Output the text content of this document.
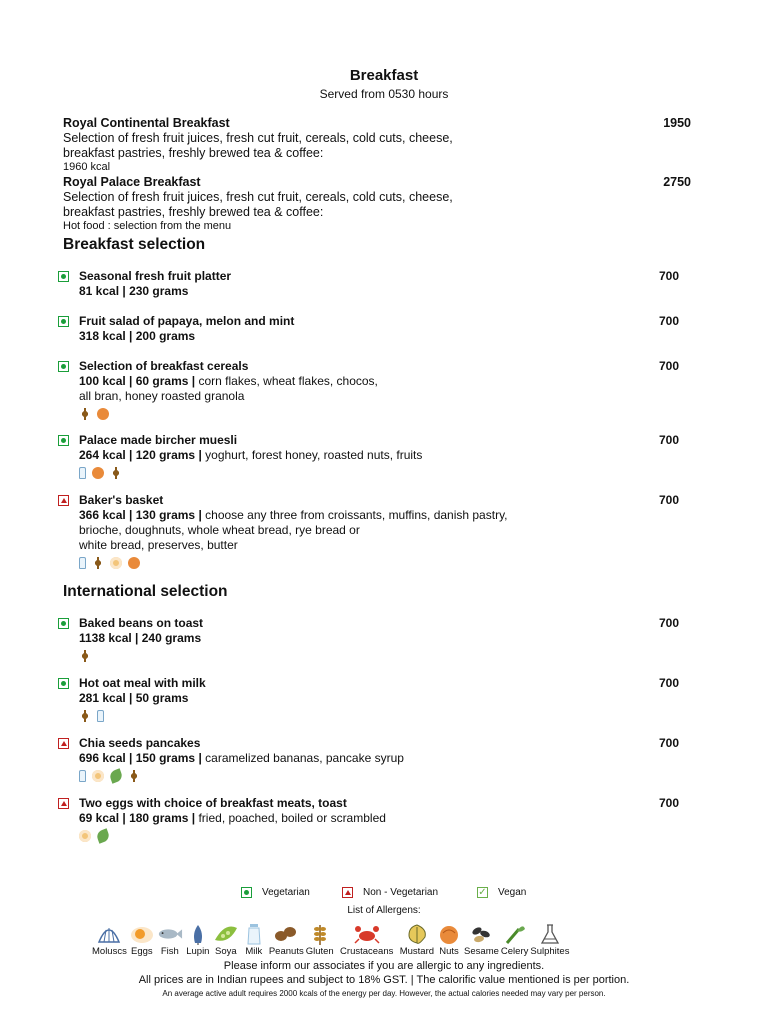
Breakfast
Served from 0530 hours
Royal Continental Breakfast	1950
Selection of fresh fruit juices, fresh cut fruit, cereals, cold cuts, cheese,
breakfast pastries, freshly brewed tea & coffee:
1960 kcal
Royal Palace Breakfast	2750
Selection of fresh fruit juices, fresh cut fruit, cereals, cold cuts, cheese,
breakfast pastries, freshly brewed tea & coffee:
Hot food : selection from the menu
Breakfast selection
Seasonal fresh fruit platter
81 kcal | 230 grams
700
Fruit salad of papaya, melon and mint
318 kcal | 200 grams
700
Selection of breakfast cereals
100 kcal | 60 grams | corn flakes, wheat flakes, chocos,
all bran, honey roasted granola
700
Palace made bircher muesli
264 kcal | 120 grams | yoghurt, forest honey, roasted nuts, fruits
700
Baker's basket
366 kcal | 130 grams | choose any three from croissants, muffins, danish pastry,
brioche, doughnuts, whole wheat bread, rye bread or
white bread, preserves, butter
700
International selection
Baked beans on toast
1138 kcal | 240 grams
700
Hot oat meal with milk
281 kcal | 50 grams
700
Chia seeds pancakes
696 kcal | 150 grams | caramelized bananas, pancake syrup
700
Two eggs with choice of breakfast meats, toast
69 kcal | 180 grams | fried, poached, boiled or scrambled
700
Vegetarian	Non - Vegetarian	✓ Vegan
List of Allergens:
Moluscs Eggs Fish Lupin Soya Milk Peanuts Gluten Crustaceans Mustard Nuts Sesame Celery Sulphites
Please inform our associates if you are allergic to any ingredients.
All prices are in Indian rupees and subject to 18% GST. | The calorific value mentioned is per portion.
An average active adult requires 2000 kcals of the energy per day. However, the actual calories needed may vary per person.
